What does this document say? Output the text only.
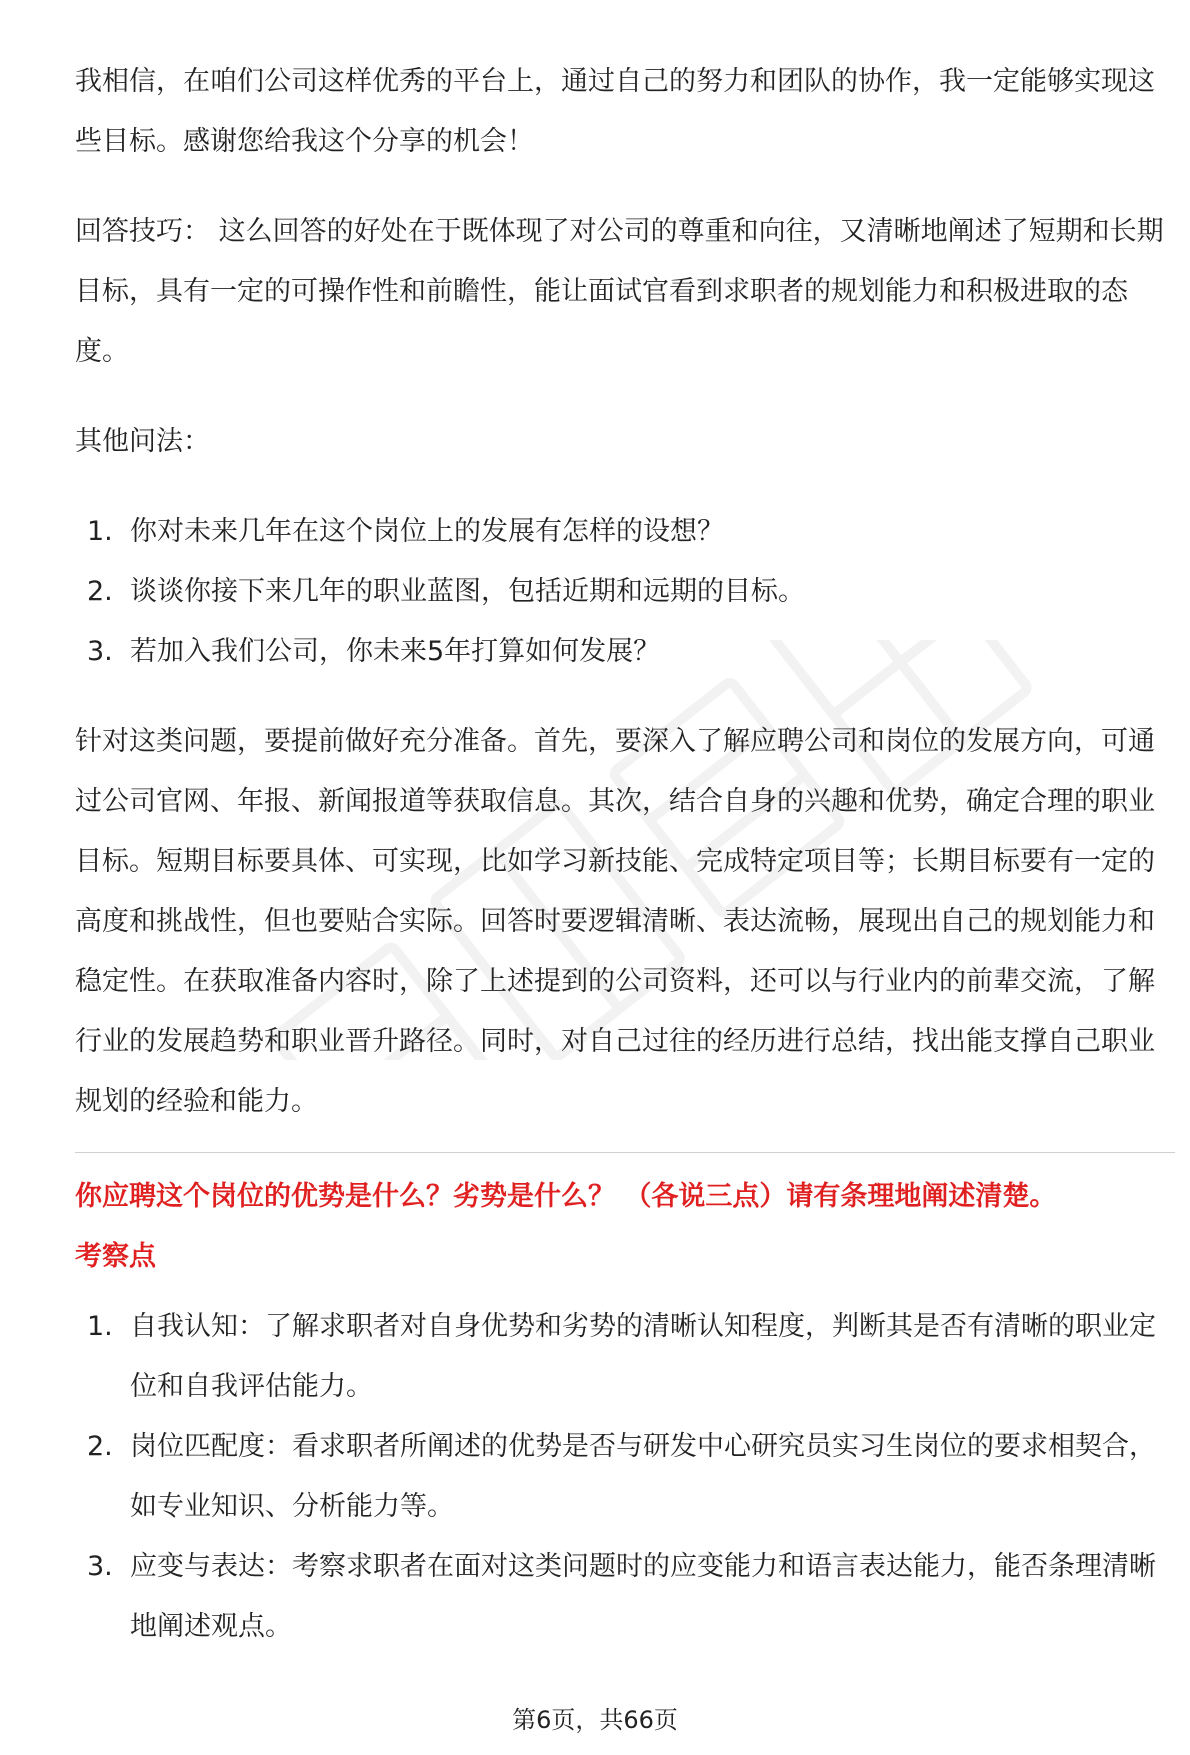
我相信，在咱们公司这样优秀的平台上，通过自己的努力和团队的协作，我一定能够实现这些目标。感谢您给我这个分享的机会！

回答技巧： 这么回答的好处在于既体现了对公司的尊重和向往，又清晰地阐述了短期和长期目标，具有一定的可操作性和前瞻性，能让面试官看到求职者的规划能力和积极进取的态度。

其他问法：

1. 你对未来几年在这个岗位上的发展有怎样的设想？
2. 谈谈你接下来几年的职业蓝图，包括近期和远期的目标。
3. 若加入我们公司，你未来5年打算如何发展？

针对这类问题，要提前做好充分准备。首先，要深入了解应聘公司和岗位的发展方向，可通过公司官网、年报、新闻报道等获取信息。其次，结合自身的兴趣和优势，确定合理的职业目标。短期目标要具体、可实现，比如学习新技能、完成特定项目等；长期目标要有一定的高度和挑战性，但也要贴合实际。回答时要逻辑清晰、表达流畅，展现出自己的规划能力和稳定性。在获取准备内容时，除了上述提到的公司资料，还可以与行业内的前辈交流，了解行业的发展趋势和职业晋升路径。同时，对自己过往的经历进行总结，找出能支撑自己职业规划的经验和能力。

你应聘这个岗位的优势是什么？劣势是什么？ （各说三点）请有条理地阐述清楚。
考察点
1. 自我认知：了解求职者对自身优势和劣势的清晰认知程度，判断其是否有清晰的职业定位和自我评估能力。
2. 岗位匹配度：看求职者所阐述的优势是否与研发中心研究员实习生岗位的要求相契合，如专业知识、分析能力等。
3. 应变与表达：考察求职者在面对这类问题时的应变能力和语言表达能力，能否条理清晰地阐述观点。
第6页，共66页
